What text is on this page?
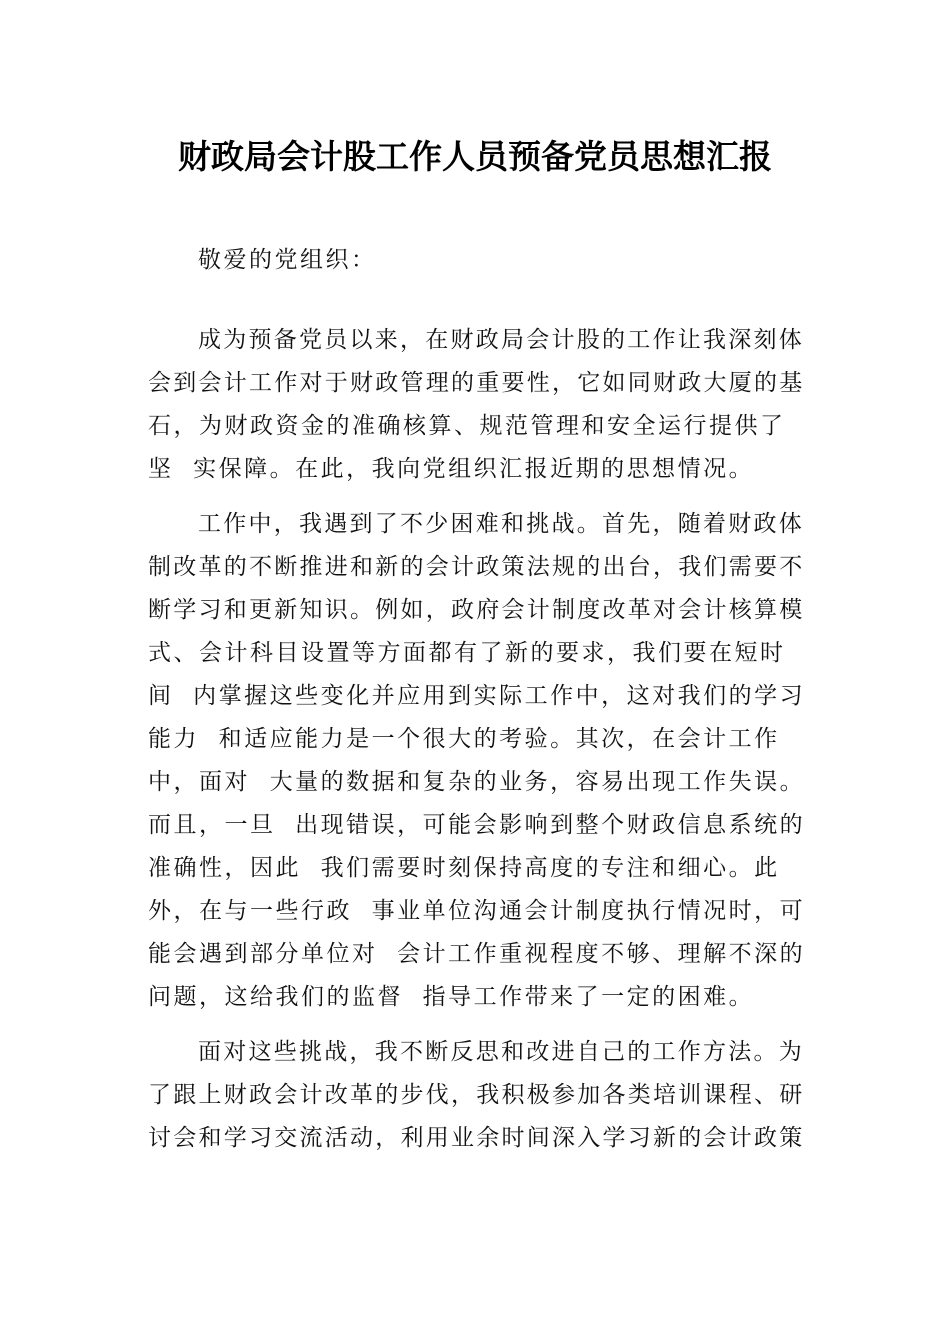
财政局会计股工作人员预备党员思想汇报
敬爱的党组织：
成为预备党员以来，在财政局会计股的工作让我深刻体
会到会计工作对于财政管理的重要性，它如同财政大厦的基
石，为财政资金的准确核算、规范管理和安全运行提供了
坚  实保障。在此，我向党组织汇报近期的思想情况。
工作中，我遇到了不少困难和挑战。首先，随着财政体
制改革的不断推进和新的会计政策法规的出台，我们需要不
断学习和更新知识。例如，政府会计制度改革对会计核算模
式、会计科目设置等方面都有了新的要求，我们要在短时
间  内掌握这些变化并应用到实际工作中，这对我们的学习
能力  和适应能力是一个很大的考验。其次，在会计工作
中，面对  大量的数据和复杂的业务，容易出现工作失误。
而且，一旦  出现错误，可能会影响到整个财政信息系统的
准确性，因此  我们需要时刻保持高度的专注和细心。此
外，在与一些行政  事业单位沟通会计制度执行情况时，可
能会遇到部分单位对  会计工作重视程度不够、理解不深的
问题，这给我们的监督  指导工作带来了一定的困难。
面对这些挑战，我不断反思和改进自己的工作方法。为
了跟上财政会计改革的步伐，我积极参加各类培训课程、研
讨会和学习交流活动，利用业余时间深入学习新的会计政策
